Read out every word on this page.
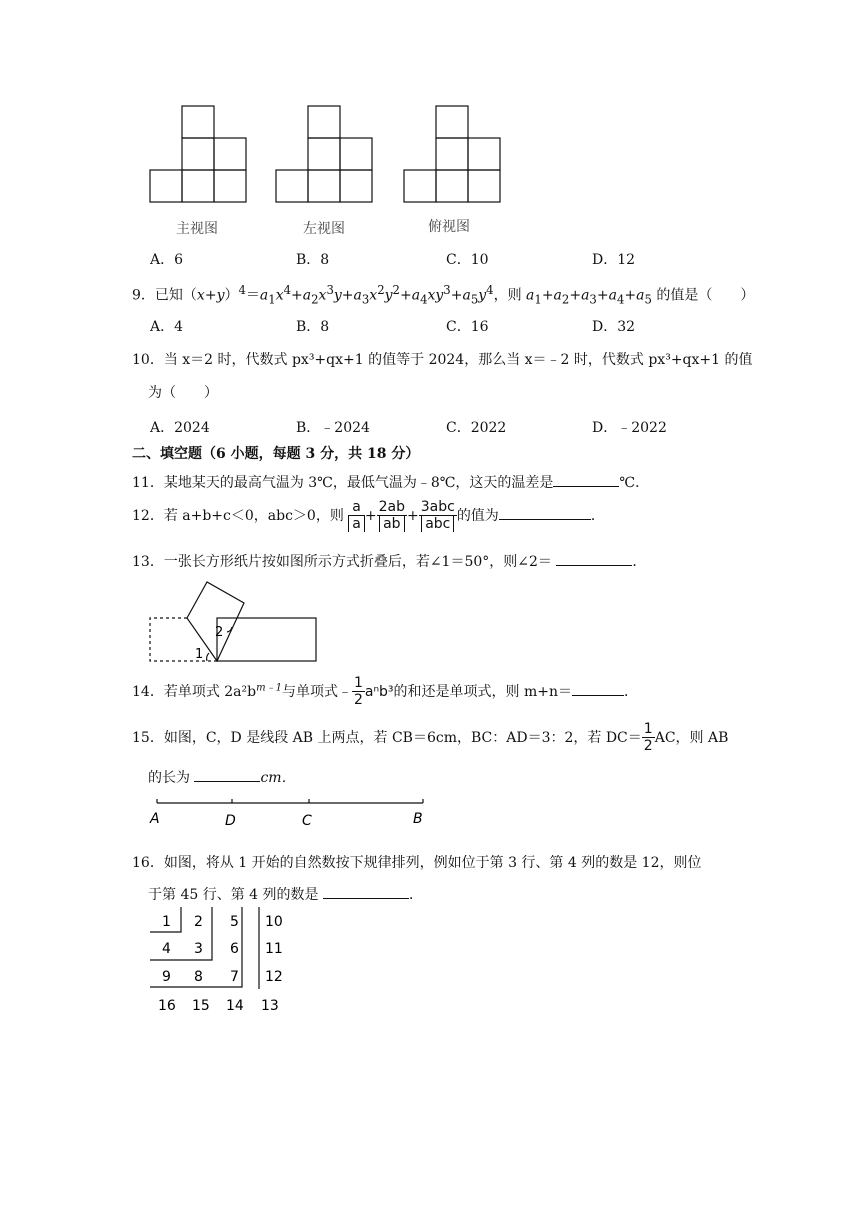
主视图	左视图	俯视图
A．6	B．8	C．10	D．12
9．已知$(x+y)^4=a_1x^4+a_2x^3y+a_3x^2y^2+a_4xy^3+a_5y^4$，则 $a_1+a_2+a_3+a_4+a_5$ 的值是（　　）
A．4	B．8	C．16	D．32
10．当 x＝2 时，代数式 px³+qx+1 的值等于 2024，那么当 x＝﹣2 时，代数式 px³+qx+1 的值
为（　　）
A．2024	B．﹣2024	C．2022	D．﹣2022
二、填空题（6 小题，每题 3 分，共 18 分）
11．某地某天的最高气温为 3℃，最低气温为﹣8℃，这天的温差是	℃．
12．若 a+b+c＜0，abc＞0，则 $\frac{a}{a} + \frac{2ab}{ab} + \frac{\text{3abc}}{\text{abc}}$ 的值为	．
13．一张长方形纸片按如图所示方式折叠后，若∠1＝50°，则∠2＝	．
1
2
14．若单项式 $2a^2b^{m﹣1}$与单项式﹣ $\frac{1}{2} a^nb^3$的和还是单项式，则 m+n＝	．
15．如图，C，D 是线段 AB 上两点，若 CB＝6cm，BC：AD＝3：2，若 $DC= \frac{1}{2}$ AC，则 AB
的长为	cm．
A	D	C	B
16．如图，将从 1 开始的自然数按下规律排列，例如位于第 3 行、第 4 列的数是 12，则位
于第 45 行、第 4 列的数是	．
1 2 5 10
4 3 6 11
9 8 7 12
16 15 14 13
